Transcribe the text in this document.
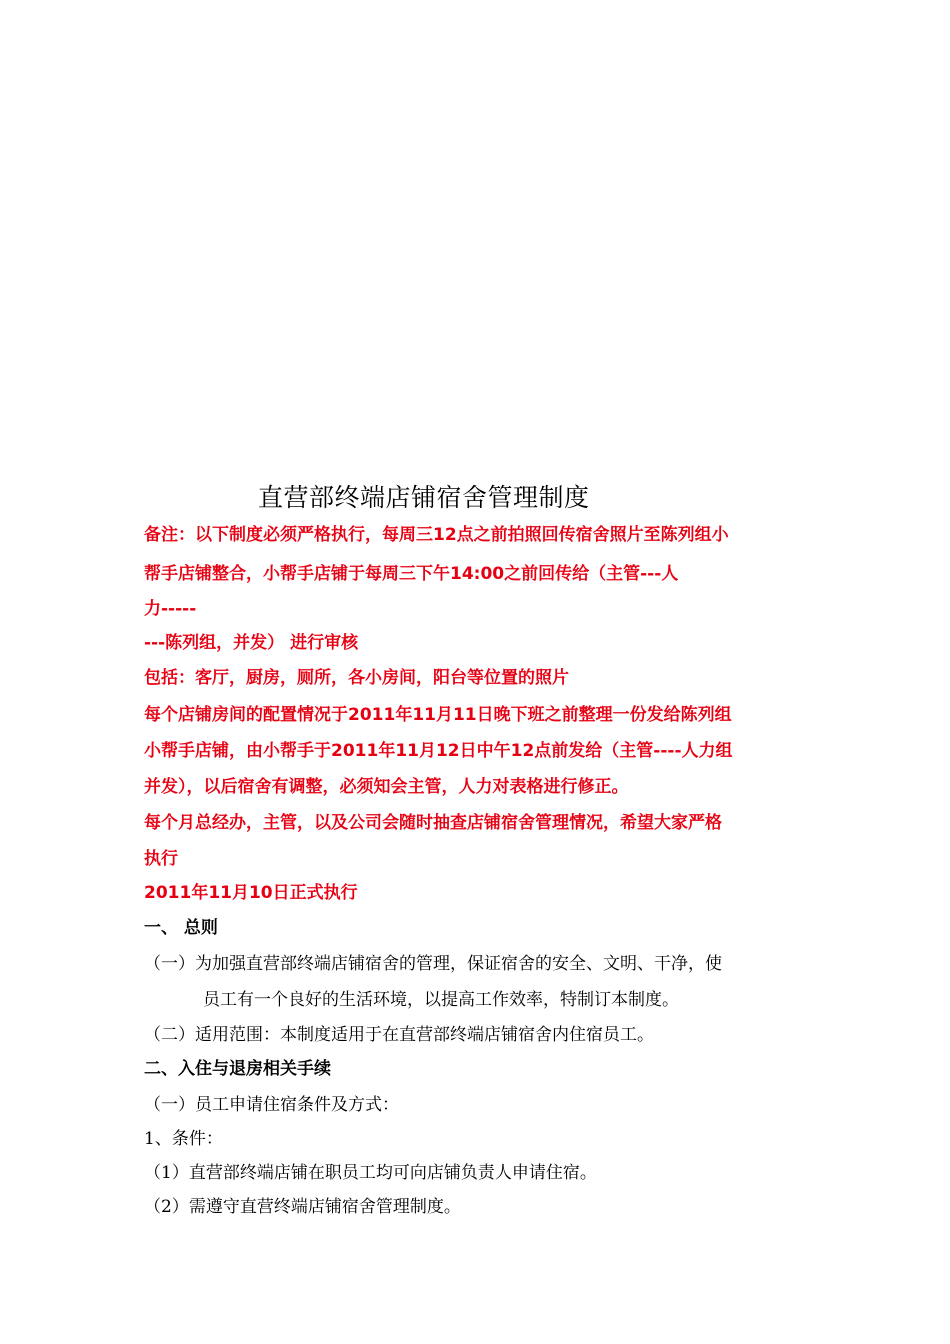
直营部终端店铺宿舍管理制度
备注：以下制度必须严格执行，每周三12点之前拍照回传宿舍照片至陈列组小
帮手店铺整合，小帮手店铺于每周三下午14:00之前回传给（主管---人
力-----
---陈列组，并发） 进行审核
包括：客厅，厨房，厕所，各小房间，阳台等位置的照片
每个店铺房间的配置情况于2011年11月11日晚下班之前整理一份发给陈列组
小帮手店铺，由小帮手于2011年11月12日中午12点前发给（主管----人力组
并发），以后宿舍有调整，必须知会主管，人力对表格进行修正。
每个月总经办，主管，以及公司会随时抽查店铺宿舍管理情况，希望大家严格
执行
2011年11月10日正式执行
一、 总则
（一）为加强直营部终端店铺宿舍的管理，保证宿舍的安全、文明、干净，使
员工有一个良好的生活环境，以提高工作效率，特制订本制度。
（二）适用范围：本制度适用于在直营部终端店铺宿舍内住宿员工。
二、入住与退房相关手续
（一）员工申请住宿条件及方式：
1、条件：
（1）直营部终端店铺在职员工均可向店铺负责人申请住宿。
（2）需遵守直营终端店铺宿舍管理制度。
